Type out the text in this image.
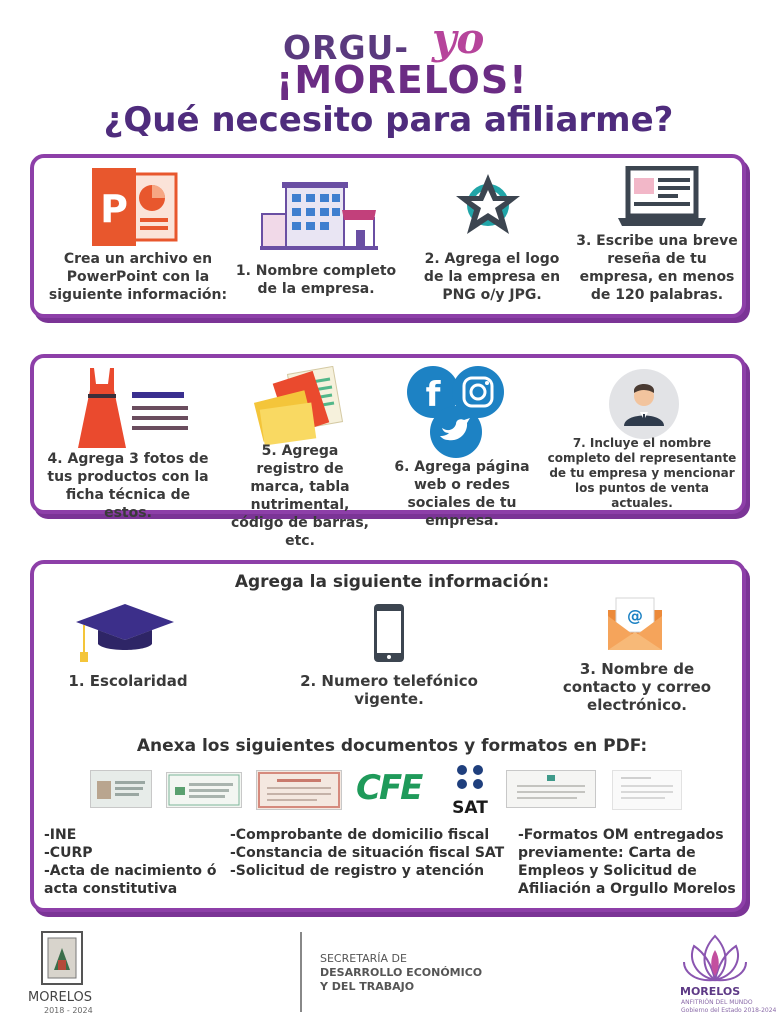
ORGU- yo
¡MORELOS!
¿Qué necesito para afiliarme?
P
Crea un archivo en PowerPoint con la siguiente información:
1. Nombre completo de la empresa.
2. Agrega el logo de la empresa en PNG o/y JPG.
3. Escribe una breve reseña de tu empresa, en menos de 120 palabras.
4. Agrega 3 fotos de tus productos con la ficha técnica de estos.
5. Agrega registro de marca, tabla nutrimental, código de barras, etc.
f
6. Agrega página web o redes sociales de tu empresa.
7. Incluye el nombre completo del representante de tu empresa y mencionar los puntos de venta actuales.
Agrega la siguiente información:
1. Escolaridad	2. Numero telefónico vigente.
@
3. Nombre de contacto y correo electrónico.
Anexa los siguientes documentos y formatos en PDF:
CFE	SAT
-INE
-CURP
-Acta de nacimiento ó
acta constitutiva
-Comprobante de domicilio fiscal
-Constancia de situación fiscal SAT
-Solicitud de registro y atención
-Formatos OM entregados
previamente: Carta de
Empleos y Solicitud de
Afiliación a Orgullo Morelos
MORELOS
2018 - 2024
SECRETARÍA DE
DESARROLLO ECONÓMICO
Y DEL TRABAJO	MORELOS
ANFITRIÓN DEL MUNDO
Gobierno del Estado 2018-2024
